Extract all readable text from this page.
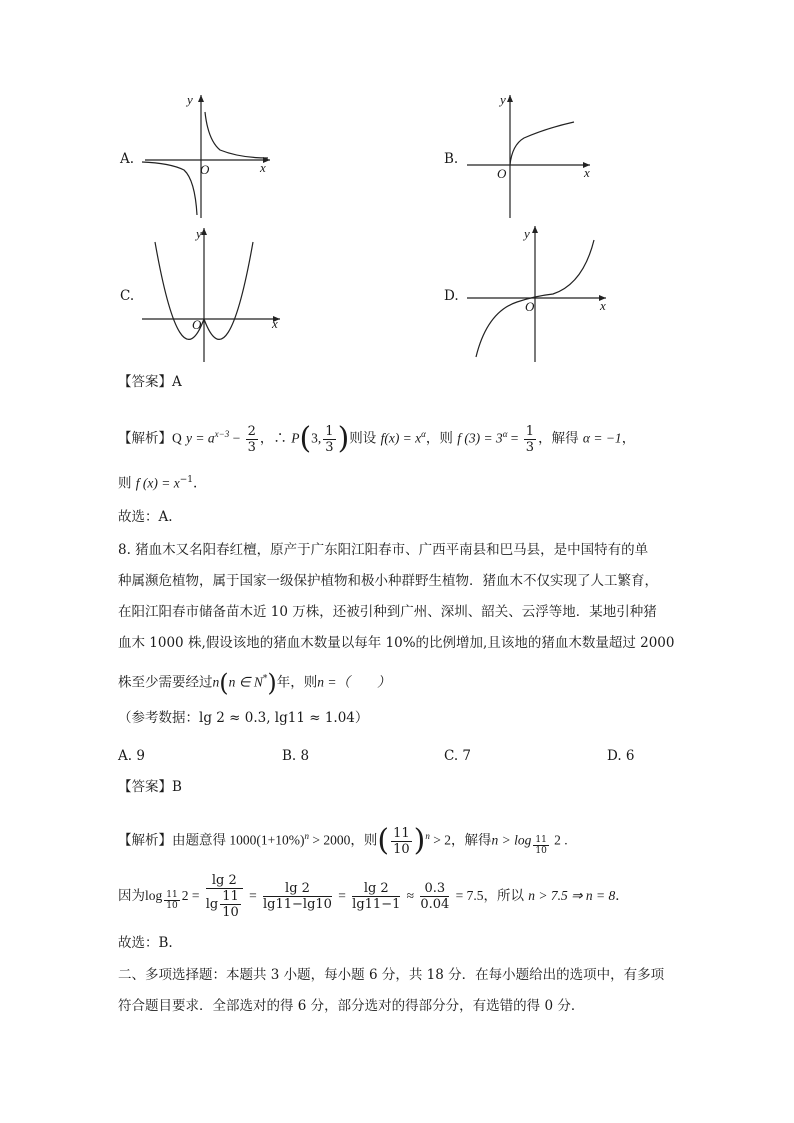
A.
y
x
O
B.
y
x
O
C.
y
x
O
D.
y
x
O
【答案】A
【解析】Q $y = a^{x-3} - \frac{2}{3}$ ，∴ P(3, $\frac{1}{3}$ )则设 $f(x) = x^\alpha$，则 f $(3) = 3^\alpha = \frac{1}{3}$ ，解得 α = −1，
则 f $(x) = x^{-1}$.
故选：A.
8. 猪血木又名阳春红檀，原产于广东阳江阳春市、广西平南县和巴马县，是中国特有的单
种属濒危植物，属于国家一级保护植物和极小种群野生植物．猪血木不仅实现了人工繁育，
在阳江阳春市储备苗木近 10 万株，还被引种到广州、深圳、韶关、云浮等地．某地引种猪
血木 1000 株,假设该地的猪血木数量以每年 10%的比例增加,且该地的猪血木数量超过 2000
株至少需要经过n(n ∈ N*)年，则n =（　　）
（参考数据：lg 2 ≈ 0.3, lg11 ≈ 1.04）
A. 9	B. 8	C. 7	D. 6
【答案】B
【解析】由题意得 $1000(1+10\%)^n > 2000$，则( $\frac{11}{10} )^n > 2$，解得$n > \log \frac{11}{10} 2$ .
因为$\log \frac{11}{10} 2 = \frac{\lg 2}{\lg \frac{11}{10}} = \frac{\lg 2}{\lg 11-\lg 10} = \frac{\lg 2}{\lg 11-1} \approx \frac{0.3}{0.04} = 7.5$，所以 n > 7.5 ⇒ n = 8．
故选：B.
二、多项选择题：本题共 3 小题，每小题 6 分，共 18 分．在每小题给出的选项中，有多项
符合题目要求．全部选对的得 6 分，部分选对的得部分分，有选错的得 0 分．
